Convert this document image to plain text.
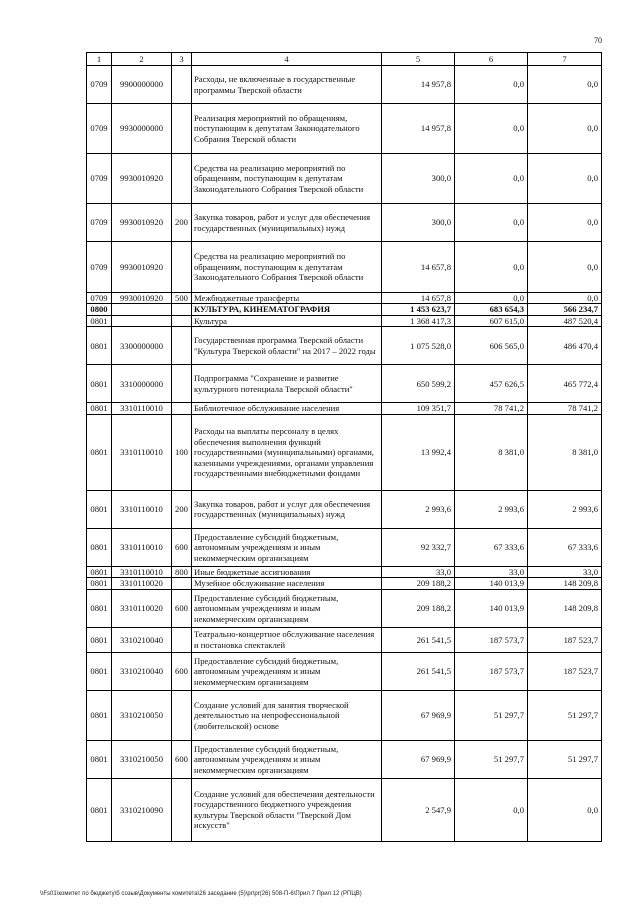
70
1	2	3	4	5	6	7
0709	9900000000		Расходы, не включенные в государственные программы Тверской области	14 957,8	0,0	0,0
0709	9930000000		Реализация мероприятий по обращениям, поступающим к депутатам Законодательного Собрания Тверской области	14 957,8	0,0	0,0
0709	9930010920		Средства на реализацию мероприятий по обращениям, поступающим к депутатам Законодательного Собрания Тверской области	300,0	0,0	0,0
0709	9930010920	200	Закупка товаров, работ и услуг для обеспечения государственных (муниципальных) нужд	300,0	0,0	0,0
0709	9930010920		Средства на реализацию мероприятий по обращениям, поступающим к депутатам Законодательного Собрания Тверской области	14 657,8	0,0	0,0
0709	9930010920	500	Межбюджетные трансферты	14 657,8	0,0	0,0
0800			КУЛЬТУРА, КИНЕМАТОГРАФИЯ	1 453 623,7	683 654,3	566 234,7
0801			Культура	1 368 417,3	607 615,0	487 520,4
0801	3300000000		Государственная программа Тверской области "Культура Тверской области" на 2017 – 2022 годы	1 075 528,0	606 565,0	486 470,4
0801	3310000000		Подпрограмма "Сохранение и развитие культурного потенциала Тверской области"	650 599,2	457 626,5	465 772,4
0801	3310110010		Библиотечное обслуживание населения	109 351,7	78 741,2	78 741,2
0801	3310110010	100	Расходы на выплаты персоналу в целях обеспечения выполнения функций государственными (муниципальными) органами, казенными учреждениями, органами управления государственными внебюджетными фондами	13 992,4	8 381,0	8 381,0
0801	3310110010	200	Закупка товаров, работ и услуг для обеспечения государственных (муниципальных) нужд	2 993,6	2 993,6	2 993,6
0801	3310110010	600	Предоставление субсидий бюджетным, автономным учреждениям и иным некоммерческим организациям	92 332,7	67 333,6	67 333,6
0801	3310110010	800	Иные бюджетные ассигнования	33,0	33,0	33,0
0801	3310110020		Музейное обслуживание населения	209 188,2	140 013,9	148 209,8
0801	3310110020	600	Предоставление субсидий бюджетным, автономным учреждениям и иным некоммерческим организациям	209 188,2	140 013,9	148 209,8
0801	3310210040		Театрально-концертное обслуживание населения и постановка спектаклей	261 541,5	187 573,7	187 523,7
0801	3310210040	600	Предоставление субсидий бюджетным, автономным учреждениям и иным некоммерческим организациям	261 541,5	187 573,7	187 523,7
0801	3310210050		Создание условий для занятия творческой деятельностью на непрофессиональной (любительской) основе	67 969,9	51 297,7	51 297,7
0801	3310210050	600	Предоставление субсидий бюджетным, автономным учреждениям и иным некоммерческим организациям	67 969,9	51 297,7	51 297,7
0801	3310210090		Создание условий для обеспечения деятельности государственного бюджетного учреждения культуры Тверской области "Тверской Дом искусств"	2 547,9	0,0	0,0
\\Fs01\комитет по бюджету\б созыв\Документы комитета\26 заседание (5)\pr\pr(26) 508-П-6\Прил 7 Прил 12 (РПЦВ)
